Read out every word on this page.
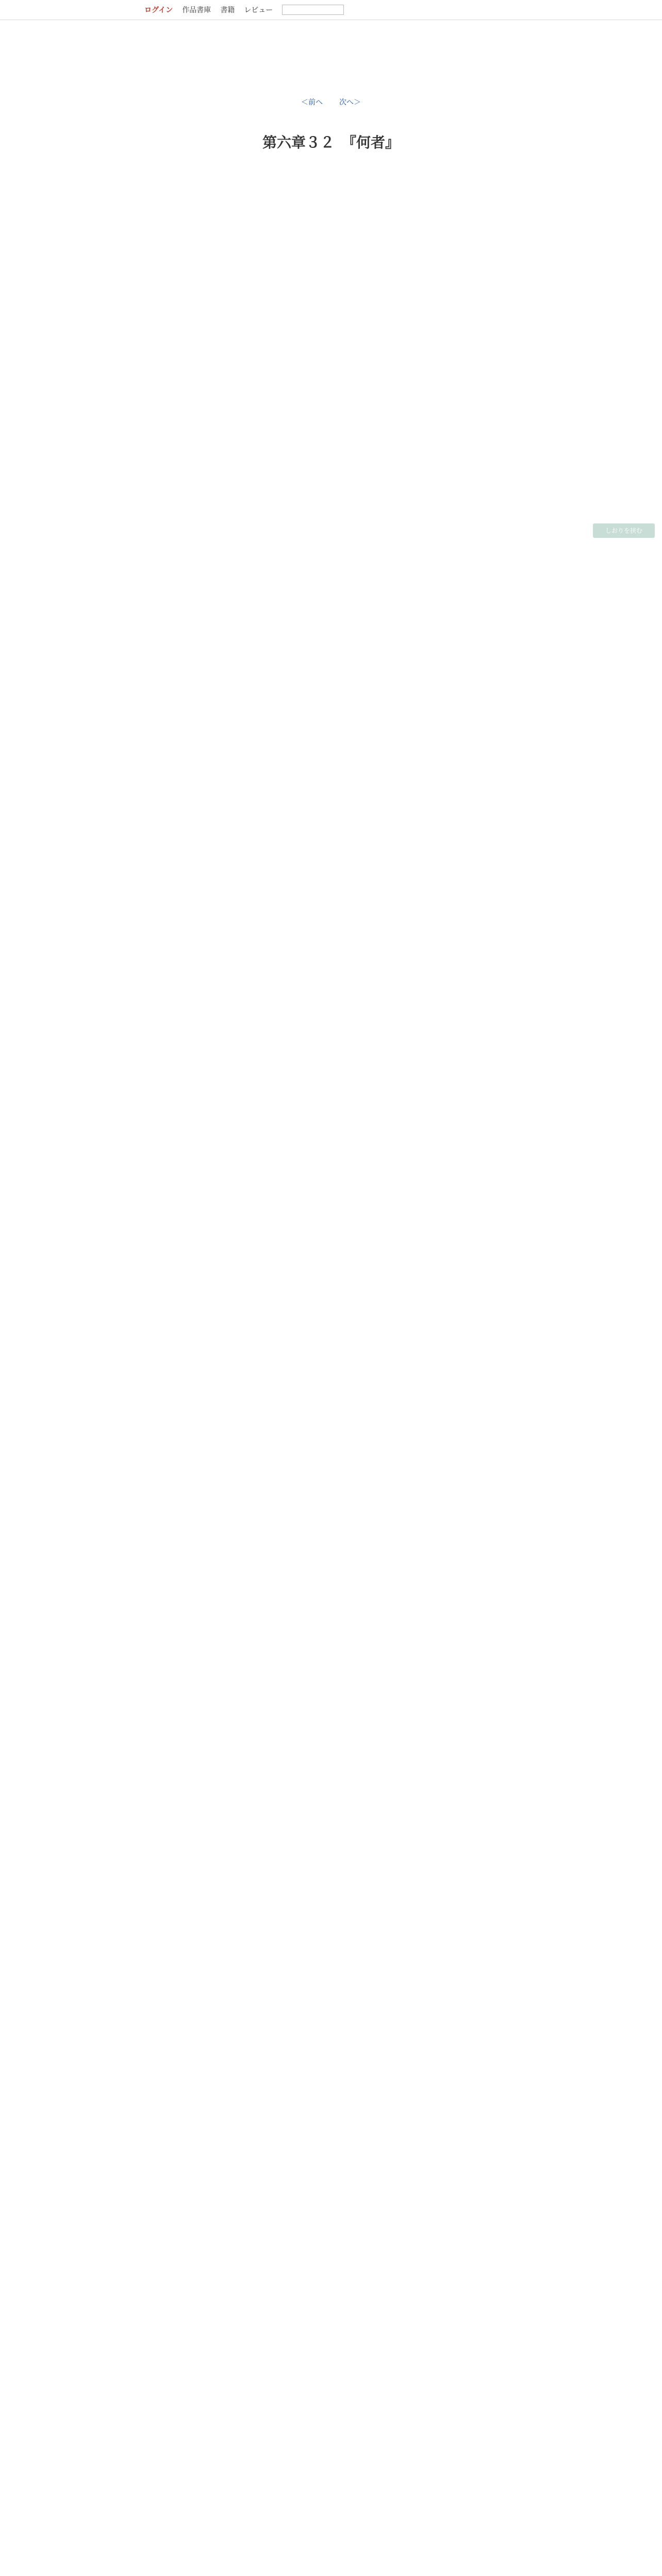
ログイン 作品書庫 書籍 レビュー
＜前へ 次へ＞
第六章３２　『何者』
しおりを挟む
